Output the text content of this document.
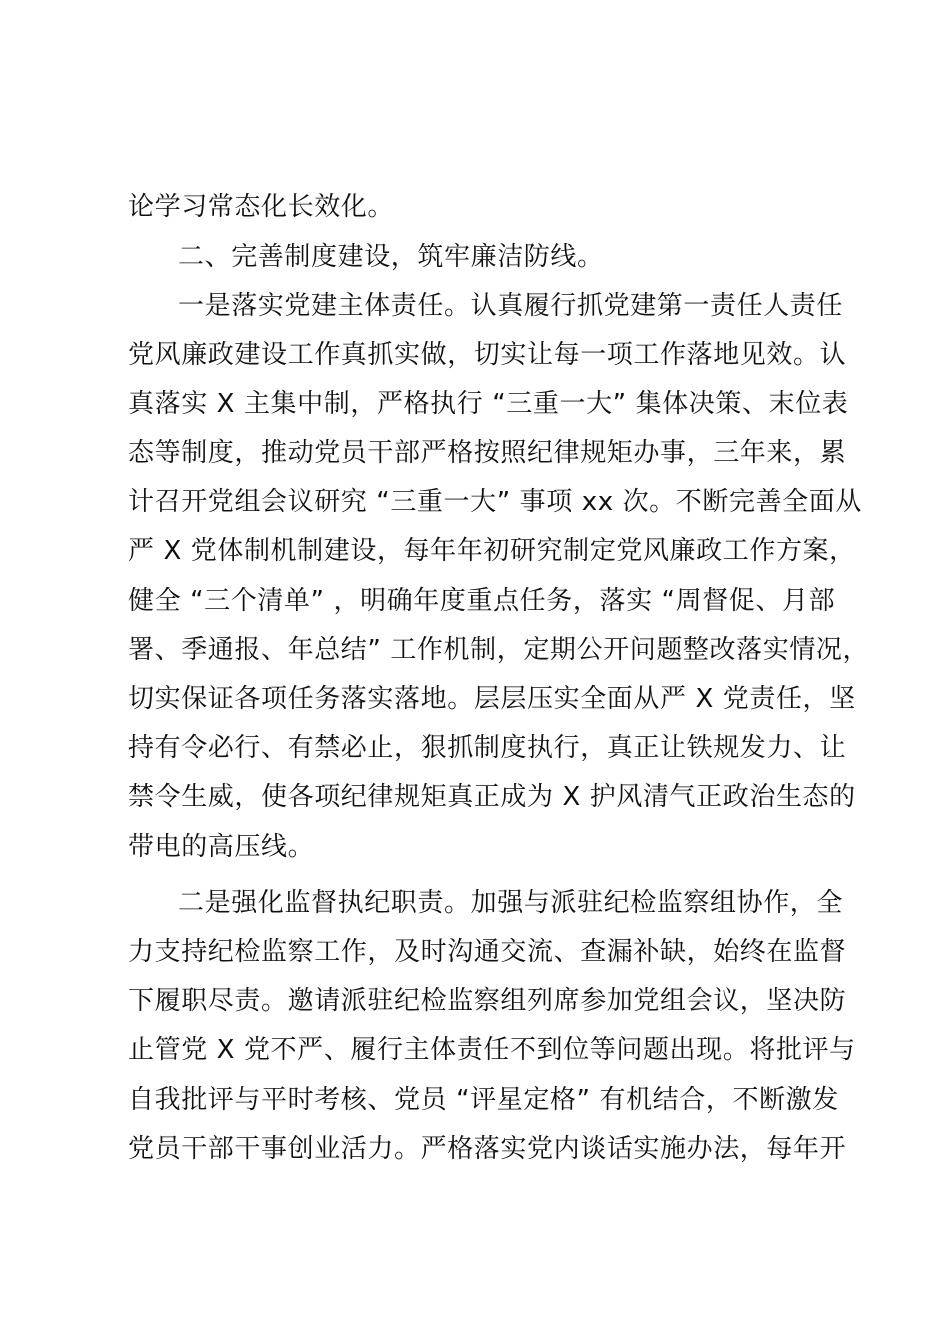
论学习常态化长效化。
二、完善制度建设，筑牢廉洁防线。
一是落实党建主体责任。认真履行抓党建第一责任人责任
党风廉政建设工作真抓实做，切实让每一项工作落地见效。认
真落实 X 主集中制，严格执行 “三重一大” 集体决策、末位表
态等制度，推动党员干部严格按照纪律规矩办事，三年来，累
计召开党组会议研究 “三重一大” 事项 xx 次。不断完善全面从
严 X 党体制机制建设，每年年初研究制定党风廉政工作方案，
健全 “三个清单” ，明确年度重点任务，落实 “周督促、月部
署、季通报、年总结” 工作机制，定期公开问题整改落实情况，
切实保证各项任务落实落地。层层压实全面从严 X 党责任，坚
持有令必行、有禁必止，狠抓制度执行，真正让铁规发力、让
禁令生威，使各项纪律规矩真正成为 X 护风清气正政治生态的
带电的高压线。
二是强化监督执纪职责。加强与派驻纪检监察组协作，全
力支持纪检监察工作，及时沟通交流、查漏补缺，始终在监督
下履职尽责。邀请派驻纪检监察组列席参加党组会议，坚决防
止管党 X 党不严、履行主体责任不到位等问题出现。将批评与
自我批评与平时考核、党员 “评星定格” 有机结合，不断激发
党员干部干事创业活力。严格落实党内谈话实施办法，每年开
